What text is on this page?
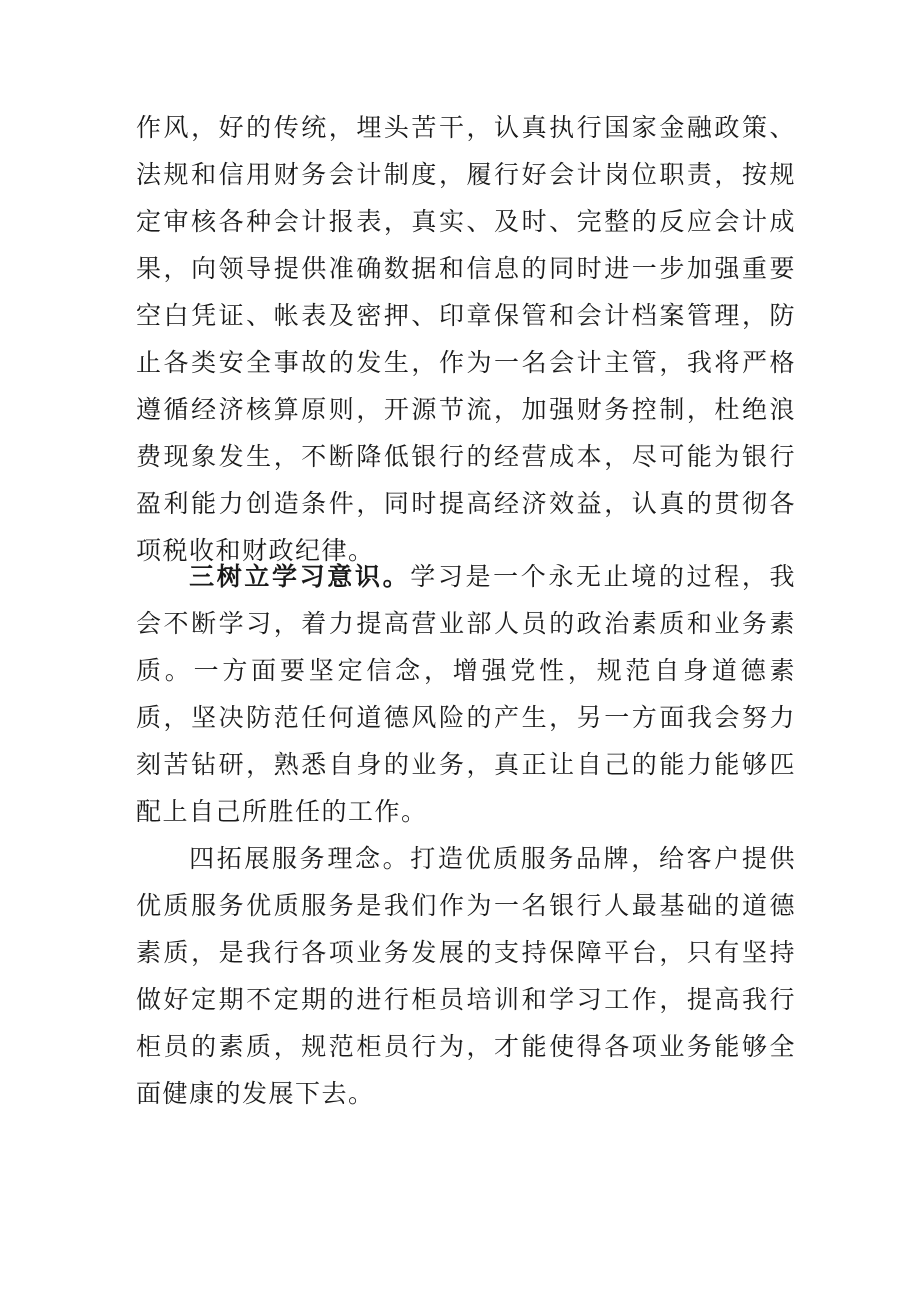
作风，好的传统，埋头苦干，认真执行国家金融政策、法规和信用财务会计制度，履行好会计岗位职责，按规定审核各种会计报表，真实、及时、完整的反应会计成果，向领导提供准确数据和信息的同时进一步加强重要空白凭证、帐表及密押、印章保管和会计档案管理，防止各类安全事故的发生，作为一名会计主管，我将严格遵循经济核算原则，开源节流，加强财务控制，杜绝浪费现象发生，不断降低银行的经营成本，尽可能为银行盈利能力创造条件，同时提高经济效益，认真的贯彻各项税收和财政纪律。

三树立学习意识。学习是一个永无止境的过程，我会不断学习，着力提高营业部人员的政治素质和业务素质。一方面要坚定信念，增强党性，规范自身道德素质，坚决防范任何道德风险的产生，另一方面我会努力刻苦钻研，熟悉自身的业务，真正让自己的能力能够匹配上自己所胜任的工作。

四拓展服务理念。打造优质服务品牌，给客户提供优质服务优质服务是我们作为一名银行人最基础的道德素质，是我行各项业务发展的支持保障平台，只有坚持做好定期不定期的进行柜员培训和学习工作，提高我行柜员的素质，规范柜员行为，才能使得各项业务能够全面健康的发展下去。
